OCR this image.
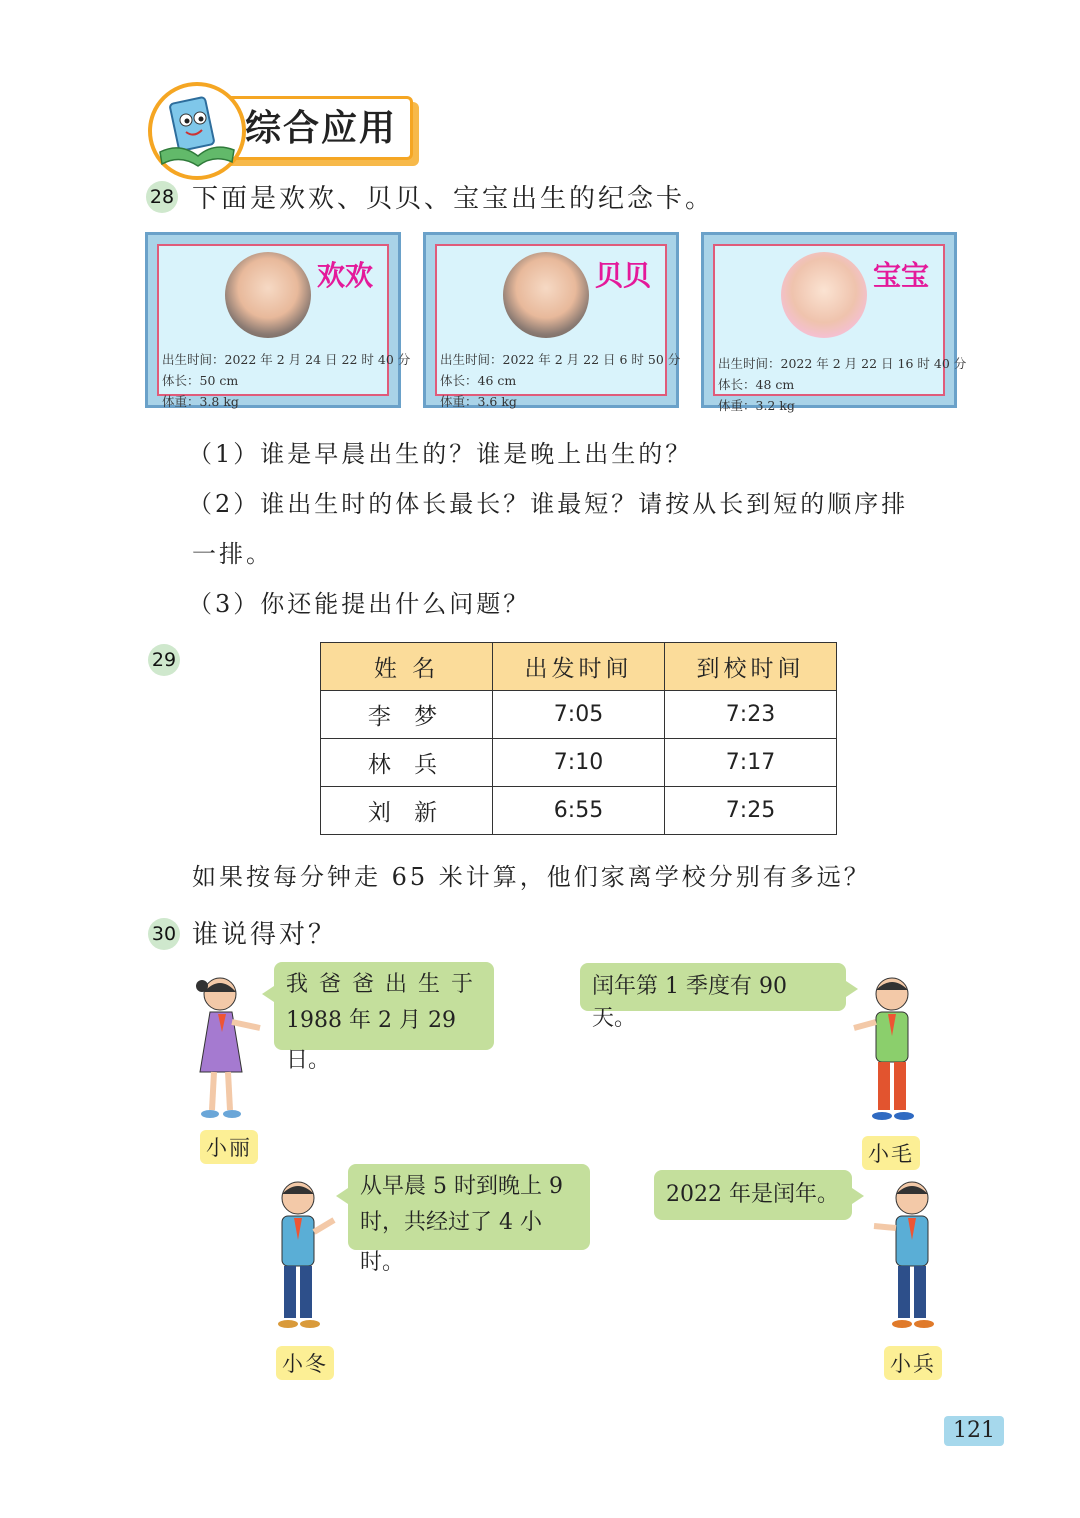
综合应用
28 下面是欢欢、贝贝、宝宝出生的纪念卡。
欢欢
出生时间：2022 年 2 月 24 日 22 时 40 分
体长：50 cm
体重：3.8 kg
贝贝
出生时间：2022 年 2 月 22 日 6 时 50 分
体长：46 cm
体重：3.6 kg
宝宝
出生时间：2022 年 2 月 22 日 16 时 40 分
体长：48 cm
体重：3.2 kg
（1）谁是早晨出生的？谁是晚上出生的？
（2）谁出生时的体长最长？谁最短？请按从长到短的顺序排
一排。
（3）你还能提出什么问题？
29	姓 名	出发时间	到校时间
李 梦	7:05	7:23
林 兵	7:10	7:17
刘 新	6:55	7:25
如果按每分钟走 65 米计算，他们家离学校分别有多远？
30 谁说得对？
我 爸 爸 出 生 于
1988 年 2 月 29 日。
小丽
闰年第 1 季度有 90 天。
小毛
从早晨 5 时到晚上 9
时，共经过了 4 小时。
小冬
2022 年是闰年。
小兵
121
